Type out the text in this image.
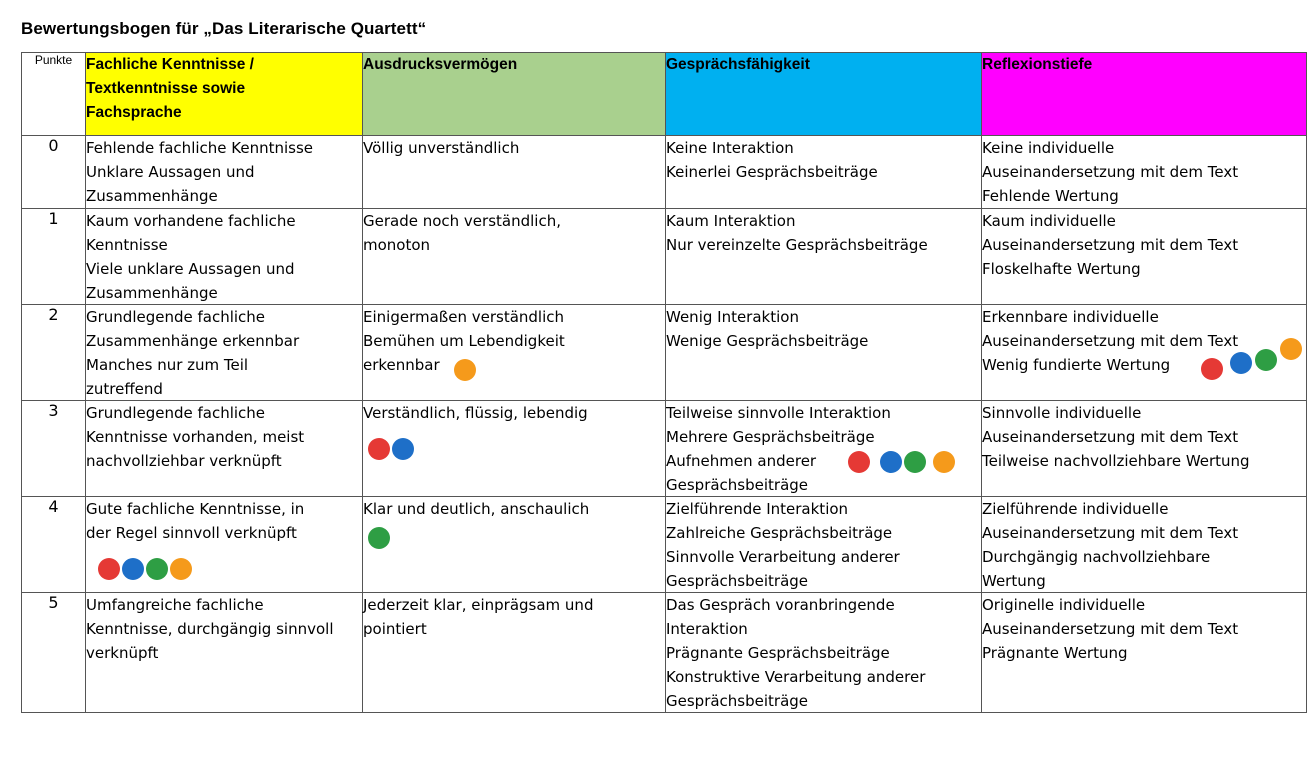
Bewertungsbogen für „Das Literarische Quartett“
Punkte	Fachliche Kenntnisse /
Textkenntnisse sowie
Fachsprache	Ausdrucksvermögen	Gesprächsfähigkeit	Reflexionstiefe

0	Fehlende fachliche Kenntnisse
Unklare Aussagen und
Zusammenhänge	Völlig unverständlich	Keine Interaktion
Keinerlei Gesprächsbeiträge	Keine individuelle
Auseinandersetzung mit dem Text
Fehlende Wertung

1	Kaum vorhandene fachliche
Kenntnisse
Viele unklare Aussagen und
Zusammenhänge	Gerade noch verständlich,
monoton	Kaum Interaktion
Nur vereinzelte Gesprächsbeiträge	Kaum individuelle
Auseinandersetzung mit dem Text
Floskelhafte Wertung

2	Grundlegende fachliche
Zusammenhänge erkennbar
Manches nur zum Teil
zutreffend	Einigermaßen verständlich
Bemühen um Lebendigkeit
erkennbar	Wenig Interaktion
Wenige Gesprächsbeiträge	Erkennbare individuelle
Auseinandersetzung mit dem Text
Wenig fundierte Wertung

3	Grundlegende fachliche
Kenntnisse vorhanden, meist
nachvollziehbar verknüpft	Verständlich, flüssig, lebendig	Teilweise sinnvolle Interaktion
Mehrere Gesprächsbeiträge
Aufnehmen anderer
Gesprächsbeiträge	Sinnvolle individuelle
Auseinandersetzung mit dem Text
Teilweise nachvollziehbare Wertung

4	Gute fachliche Kenntnisse, in
der Regel sinnvoll verknüpft	Klar und deutlich, anschaulich	Zielführende Interaktion
Zahlreiche Gesprächsbeiträge
Sinnvolle Verarbeitung anderer
Gesprächsbeiträge	Zielführende individuelle
Auseinandersetzung mit dem Text
Durchgängig nachvollziehbare
Wertung

5	Umfangreiche fachliche
Kenntnisse, durchgängig sinnvoll
verknüpft	Jederzeit klar, einprägsam und
pointiert	Das Gespräch voranbringende
Interaktion
Prägnante Gesprächsbeiträge
Konstruktive Verarbeitung anderer
Gesprächsbeiträge	Originelle individuelle
Auseinandersetzung mit dem Text
Prägnante Wertung
